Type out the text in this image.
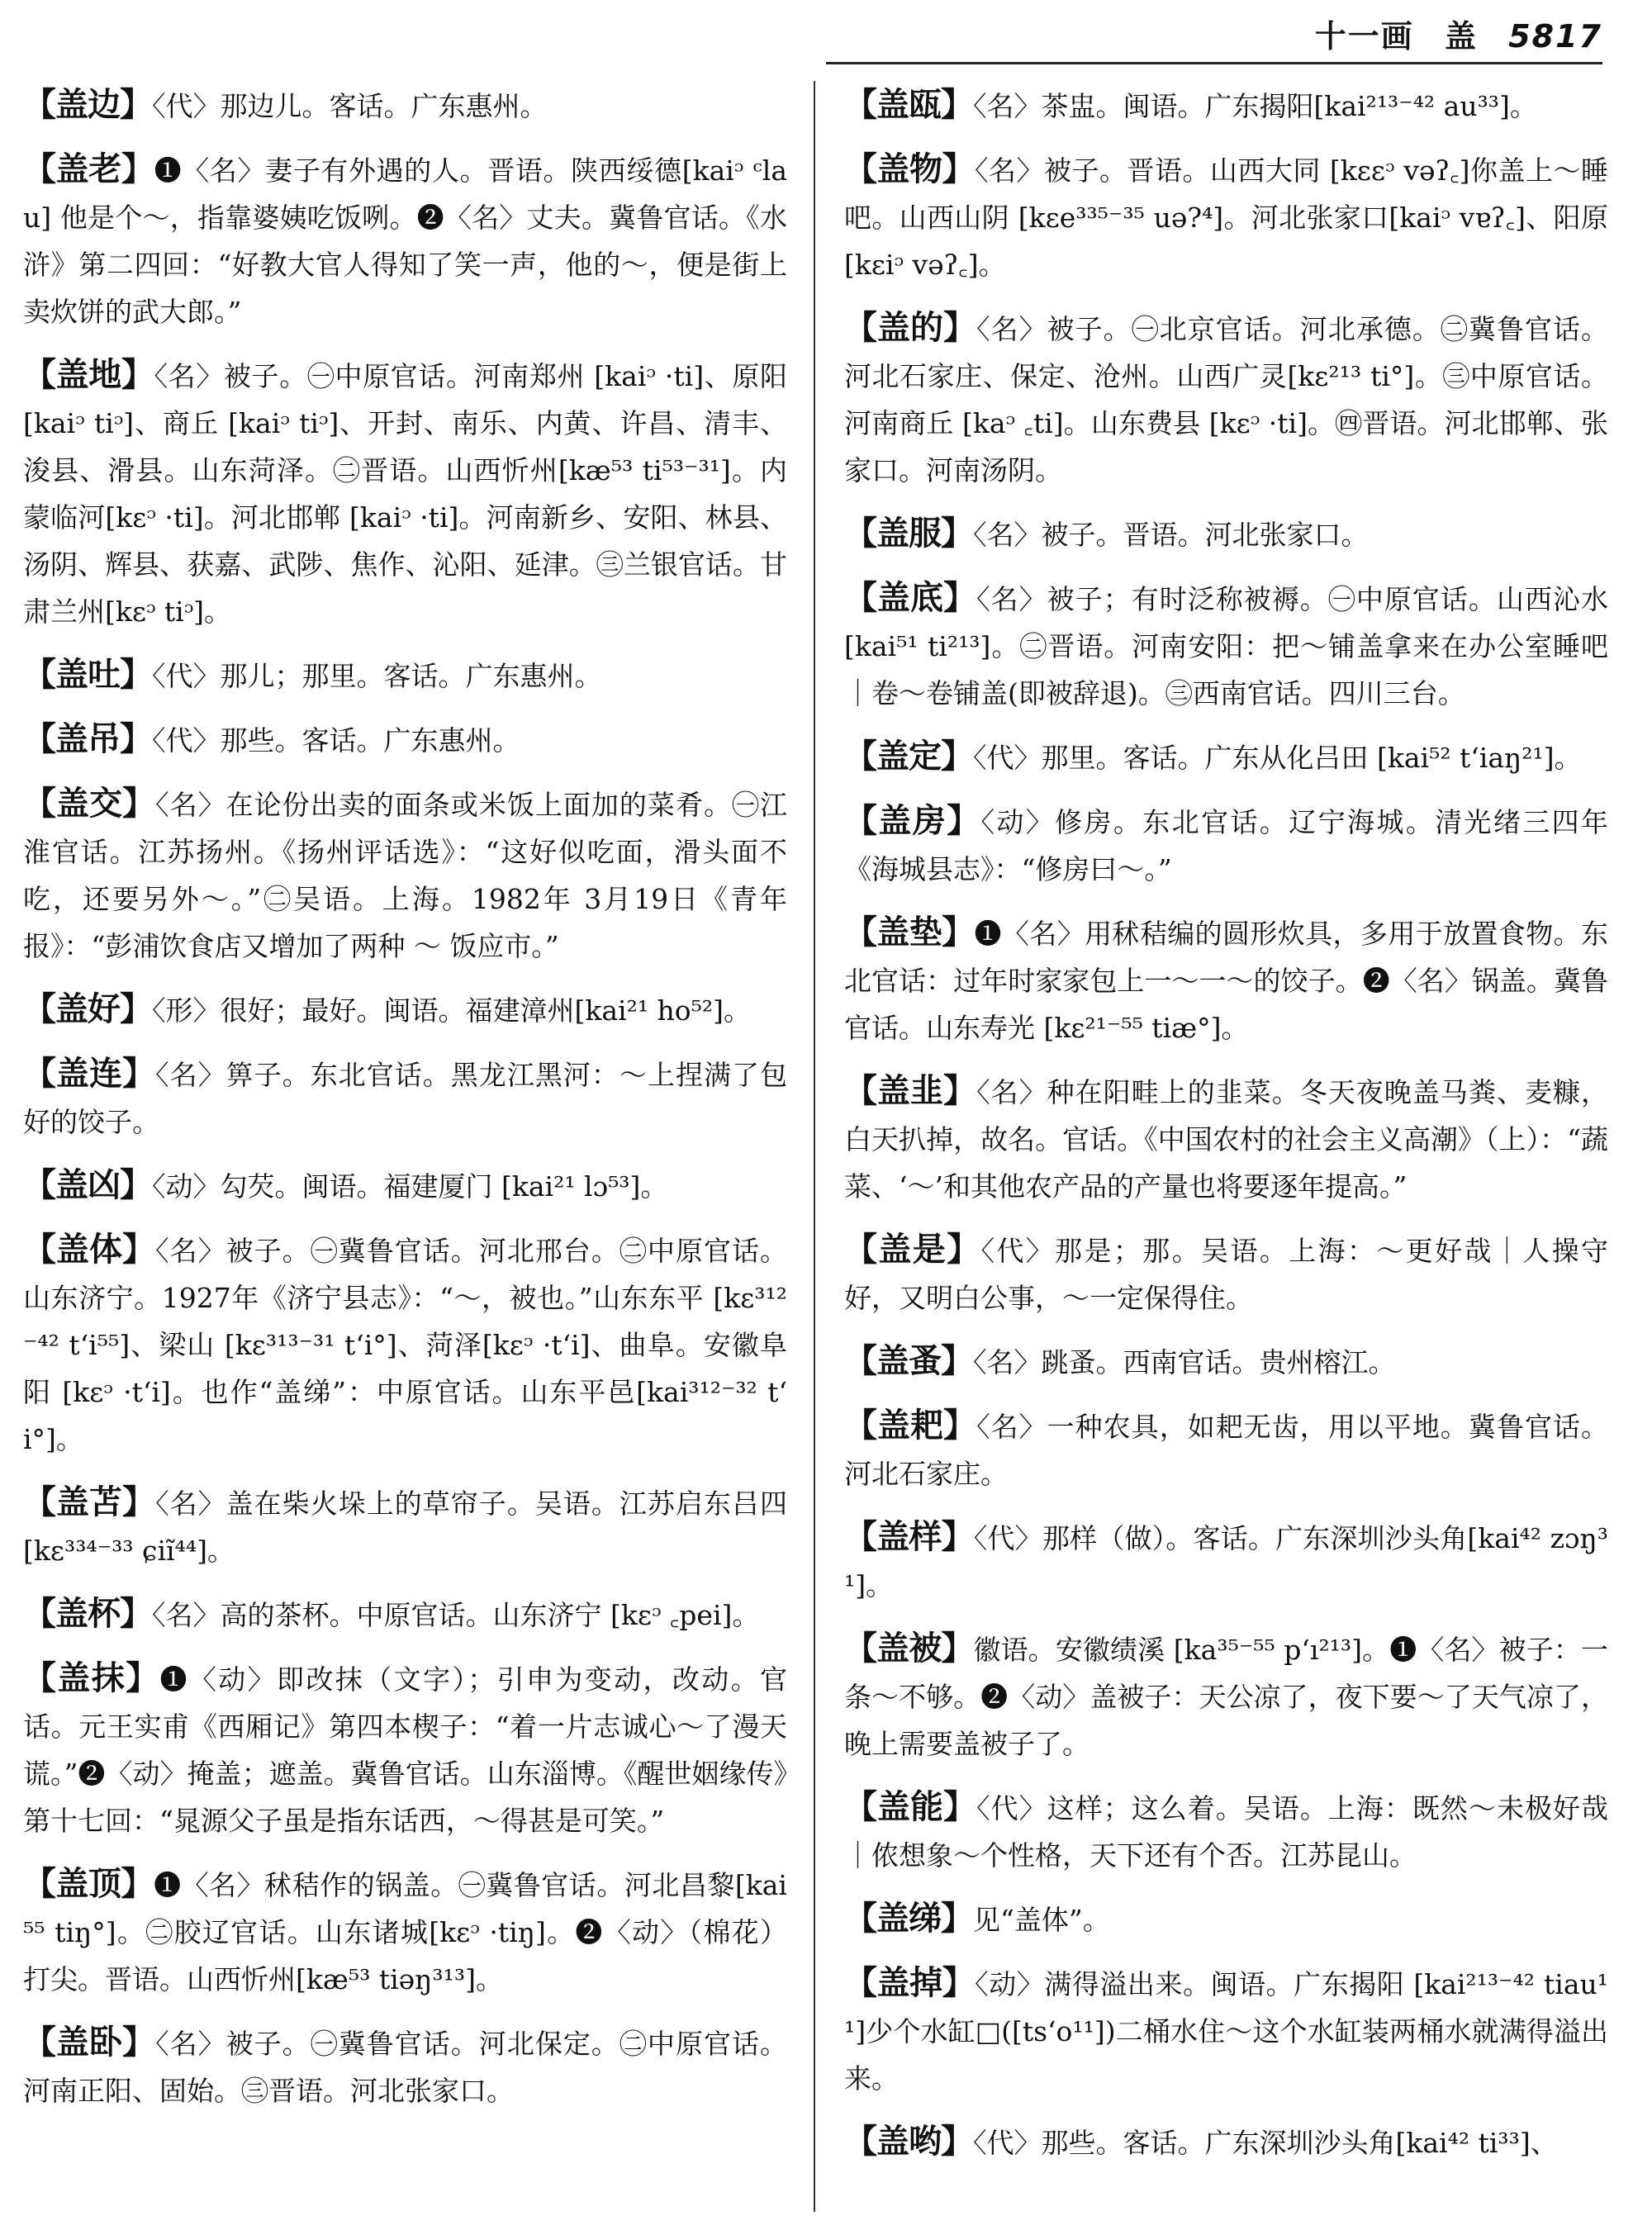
十一画 盖 5817
【盖边】〈代〉那边儿。客话。广东惠州。
【盖老】❶〈名〉妻子有外遇的人。晋语。陕西绥德[kaiᵓ ᶜlau] 他是个～，指靠婆姨吃饭咧。❷〈名〉丈夫。冀鲁官话。《水浒》第二四回：“好教大官人得知了笑一声，他的～，便是街上卖炊饼的武大郎。”
【盖地】〈名〉被子。㊀中原官话。河南郑州 [kaiᵓ ·ti]、原阳[kaiᵓ tiᵓ]、商丘 [kaiᵓ tiᵓ]、开封、南乐、内黄、许昌、清丰、浚县、滑县。山东菏泽。㊁晋语。山西忻州[kæ⁵³ ti⁵³⁻³¹]。内蒙临河[kɛᵓ ·ti]。河北邯郸 [kaiᵓ ·ti]。河南新乡、安阳、林县、汤阴、辉县、获嘉、武陟、焦作、沁阳、延津。㊂兰银官话。甘肃兰州[kɛᵓ tiᵓ]。
【盖吐】〈代〉那儿；那里。客话。广东惠州。
【盖吊】〈代〉那些。客话。广东惠州。
【盖交】〈名〉在论份出卖的面条或米饭上面加的菜肴。㊀江淮官话。江苏扬州。《扬州评话选》：“这好似吃面，滑头面不吃，还要另外～。”㊁吴语。上海。1982年 3月19日《青年报》：“彭浦饮食店又增加了两种 ～ 饭应市。”
【盖好】〈形〉很好；最好。闽语。福建漳州[kai²¹ ho⁵²]。
【盖连】〈名〉箅子。东北官话。黑龙江黑河：～上捏满了包好的饺子。
【盖凶】〈动〉勾芡。闽语。福建厦门 [kai²¹ lɔ⁵³]。
【盖体】〈名〉被子。㊀冀鲁官话。河北邢台。㊁中原官话。山东济宁。1927年《济宁县志》：“～，被也。”山东东平 [kɛ³¹²⁻⁴² tʻi⁵⁵]、梁山 [kɛ³¹³⁻³¹ tʻi°]、菏泽[kɛᵓ ·tʻi]、曲阜。安徽阜阳 [kɛᵓ ·tʻi]。也作“盖绨”：中原官话。山东平邑[kai³¹²⁻³² tʻi°]。
【盖苫】〈名〉盖在柴火垛上的草帘子。吴语。江苏启东吕四[kɛ³³⁴⁻³³ ɕiĩ⁴⁴]。
【盖杯】〈名〉高的茶杯。中原官话。山东济宁 [kɛᵓ ꜀pei]。
【盖抹】❶〈动〉即改抹（文字）；引申为变动，改动。官话。元王实甫《西厢记》第四本楔子：“着一片志诚心～了漫天谎。”❷〈动〉掩盖；遮盖。冀鲁官话。山东淄博。《醒世姻缘传》第十七回：“晁源父子虽是指东话西，～得甚是可笑。”
【盖顶】❶〈名〉秫秸作的锅盖。㊀冀鲁官话。河北昌黎[kai⁵⁵ tiŋ°]。㊁胶辽官话。山东诸城[kɛᵓ ·tiŋ]。❷〈动〉（棉花）打尖。晋语。山西忻州[kæ⁵³ tiəŋ³¹³]。
【盖卧】〈名〉被子。㊀冀鲁官话。河北保定。㊁中原官话。河南正阳、固始。㊂晋语。河北张家口。
【盖瓯】〈名〉茶盅。闽语。广东揭阳[kai²¹³⁻⁴² au³³]。
【盖物】〈名〉被子。晋语。山西大同 [kɛɛᵓ vəʔ꜀]你盖上～睡吧。山西山阴 [kɛe³³⁵⁻³⁵ uə?⁴]。河北张家口[kaiᵓ vɐʔ꜀]、阳原 [kɛiᵓ vəʔ꜀]。
【盖的】〈名〉被子。㊀北京官话。河北承德。㊁冀鲁官话。河北石家庄、保定、沧州。山西广灵[kɛ²¹³ ti°]。㊂中原官话。河南商丘 [kaᵓ ꜀ti]。山东费县 [kɛᵓ ·ti]。㊃晋语。河北邯郸、张家口。河南汤阴。
【盖服】〈名〉被子。晋语。河北张家口。
【盖底】〈名〉被子；有时泛称被褥。㊀中原官话。山西沁水 [kai⁵¹ ti²¹³]。㊁晋语。河南安阳：把～铺盖拿来在办公室睡吧｜卷～卷铺盖(即被辞退)。㊂西南官话。四川三台。
【盖定】〈代〉那里。客话。广东从化吕田 [kai⁵² tʻiaŋ²¹]。
【盖房】〈动〉修房。东北官话。辽宁海城。清光绪三四年《海城县志》：“修房曰～。”
【盖垫】❶〈名〉用秫秸编的圆形炊具，多用于放置食物。东北官话：过年时家家包上一～一～的饺子。❷〈名〉锅盖。冀鲁官话。山东寿光 [kɛ²¹⁻⁵⁵ tiæ°]。
【盖韭】〈名〉种在阳畦上的韭菜。冬天夜晚盖马粪、麦糠，白天扒掉，故名。官话。《中国农村的社会主义高潮》（上）：“蔬菜、‘～’和其他农产品的产量也将要逐年提高。”
【盖是】〈代〉那是；那。吴语。上海：～更好哉｜人操守好，又明白公事，～一定保得住。
【盖蚤】〈名〉跳蚤。西南官话。贵州榕江。
【盖耙】〈名〉一种农具，如耙无齿，用以平地。冀鲁官话。河北石家庄。
【盖样】〈代〉那样（做）。客话。广东深圳沙头角[kai⁴² zɔŋ³¹]。
【盖被】徽语。安徽绩溪 [ka³⁵⁻⁵⁵ pʻı²¹³]。❶〈名〉被子：一条～不够。❷〈动〉盖被子：天公凉了，夜下要～了天气凉了，晚上需要盖被子了。
【盖能】〈代〉这样；这么着。吴语。上海：既然～未极好哉｜侬想象～个性格，天下还有个否。江苏昆山。
【盖绨】见“盖体”。
【盖掉】〈动〉满得溢出来。闽语。广东揭阳 [kai²¹³⁻⁴² tiau¹¹]少个水缸□([tsʻo¹¹])二桶水住～这个水缸装两桶水就满得溢出来。
【盖哟】〈代〉那些。客话。广东深圳沙头角[kai⁴² ti³³]、
